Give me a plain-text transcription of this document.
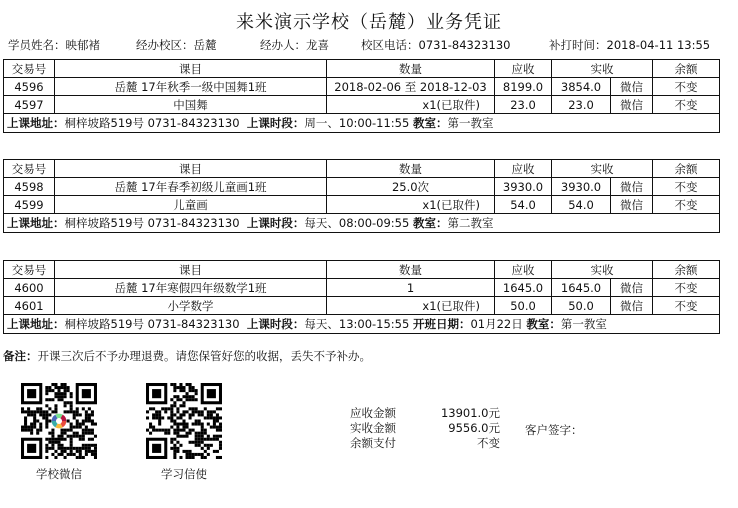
来米演示学校（岳麓）业务凭证
学员姓名：映郁褚	经办校区：岳麓	经办人：龙喜	校区电话：0731-84323130	补打时间：2018-04-11 13:55
交易号	课目	数量	应收	实收		余额
4596	岳麓 17年秋季一级中国舞1班	2018-02-06 至 2018-12-03	8199.0	3854.0	微信	不变
4597	中国舞	x1(已取件)	23.0	23.0	微信	不变
上课地址：桐梓坡路519号 0731-84323130 上课时段：周一、10:00-11:55 教室：第一教室						
交易号	课目	数量	应收	实收		余额
4598	岳麓 17年春季初级儿童画1班	25.0次	3930.0	3930.0	微信	不变
4599	儿童画	x1(已取件)	54.0	54.0	微信	不变
上课地址：桐梓坡路519号 0731-84323130 上课时段：每天、08:00-09:55 教室：第二教室						
交易号	课目	数量	应收	实收		余额
4600	岳麓 17年寒假四年级数学1班	1	1645.0	1645.0	微信	不变
4601	小学数学	x1(已取件)	50.0	50.0	微信	不变
上课地址：桐梓坡路519号 0731-84323130 上课时段：每天、13:00-15:55 开班日期：01月22日 教室：第一教室						
备注：开课三次后不予办理退费。请您保管好您的收据，丢失不予补办。
学校微信	学习信使
应收金额	13901.0元
实收金额	9556.0元
余额支付	不变
客户签字：
